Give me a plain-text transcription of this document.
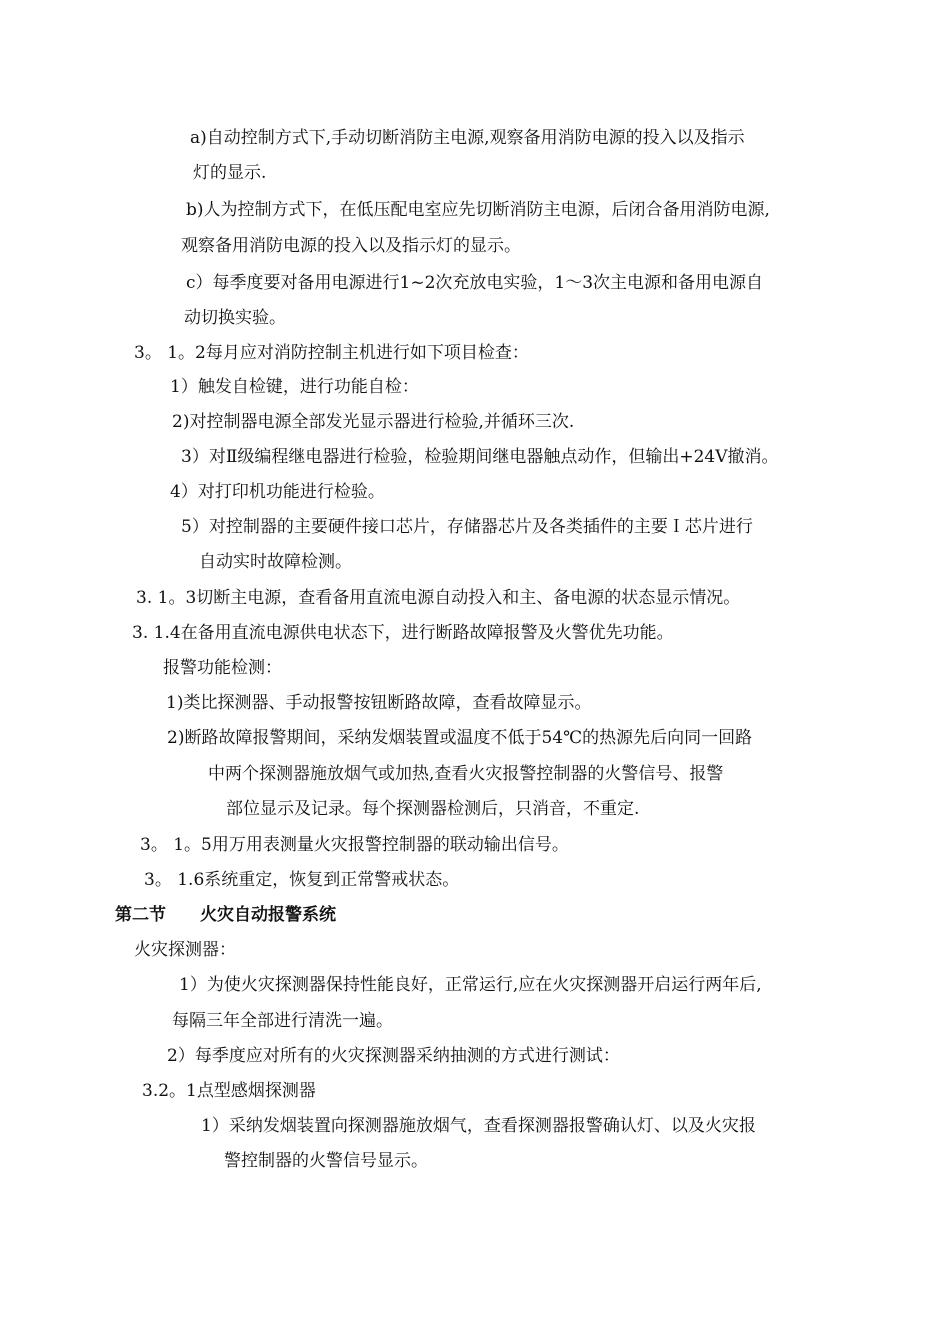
a)自动控制方式下,手动切断消防主电源,观察备用消防电源的投入以及指示
灯的显示.
b)人为控制方式下，在低压配电室应先切断消防主电源，后闭合备用消防电源,
观察备用消防电源的投入以及指示灯的显示。
c）每季度要对备用电源进行1~2次充放电实验，1～3次主电源和备用电源自
动切换实验。
3。 1。2每月应对消防控制主机进行如下项目检查：
1）触发自检键，进行功能自检：
2)对控制器电源全部发光显示器进行检验,并循环三次.
3）对Ⅱ级编程继电器进行检验，检验期间继电器触点动作，但输出+24V撤消。
4）对打印机功能进行检验。
5）对控制器的主要硬件接口芯片，存储器芯片及各类插件的主要Ｉ芯片进行
自动实时故障检测。
3. 1。3切断主电源，查看备用直流电源自动投入和主、备电源的状态显示情况。
3. 1.4在备用直流电源供电状态下，进行断路故障报警及火警优先功能。
报警功能检测：
1)类比探测器、手动报警按钮断路故障，查看故障显示。
2)断路故障报警期间，采纳发烟装置或温度不低于54℃的热源先后向同一回路
中两个探测器施放烟气或加热,查看火灾报警控制器的火警信号、报警
部位显示及记录。每个探测器检测后，只消音，不重定.
3。 1。5用万用表测量火灾报警控制器的联动输出信号。
3。 1.6系统重定，恢复到正常警戒状态。
第二节　　火灾自动报警系统
火灾探测器：
1）为使火灾探测器保持性能良好，正常运行,应在火灾探测器开启运行两年后,
每隔三年全部进行清洗一遍。
2）每季度应对所有的火灾探测器采纳抽测的方式进行测试：
3.2。1点型感烟探测器
1）采纳发烟装置向探测器施放烟气，查看探测器报警确认灯、以及火灾报
警控制器的火警信号显示。
